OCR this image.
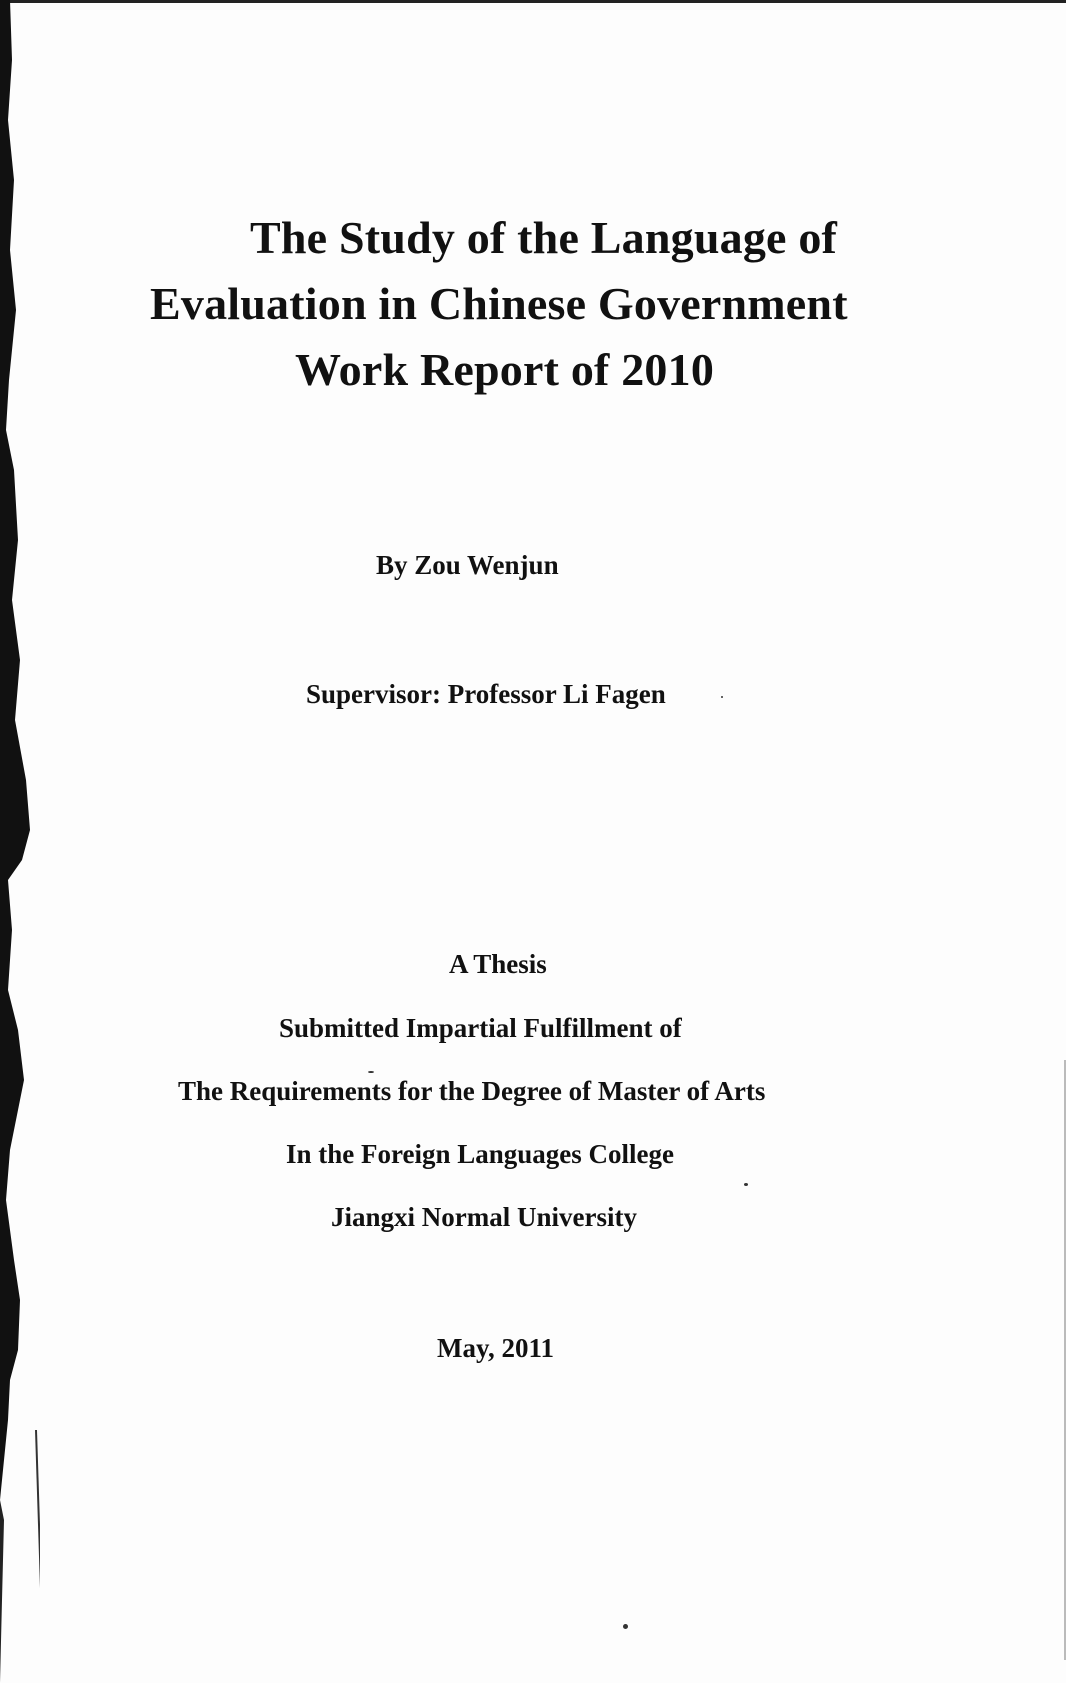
The Study of the Language of
Evaluation in Chinese Government
Work Report of 2010
By Zou Wenjun
Supervisor: Professor Li Fagen
A Thesis
Submitted Impartial Fulfillment of
The Requirements for the Degree of Master of Arts
In the Foreign Languages College
Jiangxi Normal University
May, 2011
